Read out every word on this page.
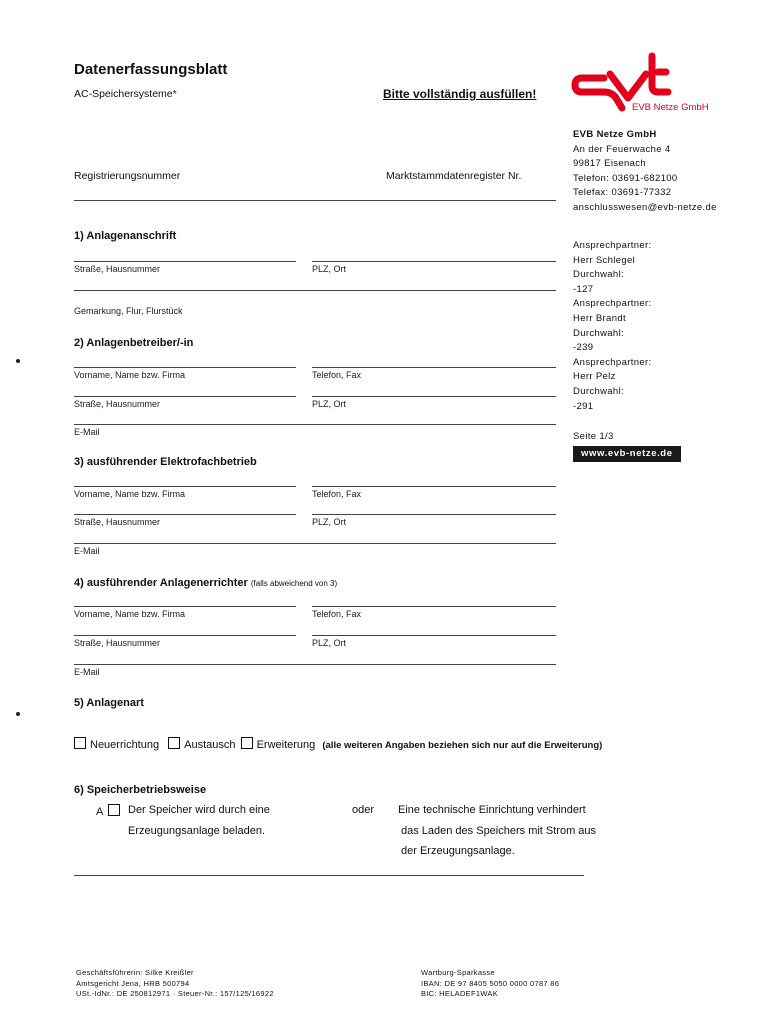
Datenerfassungsblatt
AC-Speichersysteme*	Bitte vollständig ausfüllen!
EVB Netze GmbH
Registrierungsnummer	Marktstammdatenregister Nr.
EVB Netze GmbH
An der Feuerwache 4
99817 Eisenach
Telefon: 03691-682100
Telefax: 03691-77332
anschlusswesen@evb-netze.de
Ansprechpartner:
Herr Schlegel
Durchwahl:
-127
Ansprechpartner:
Herr Brandt
Durchwahl:
-239
Ansprechpartner:
Herr Pelz
Durchwahl:
-291
Seite 1/3
www.evb-netze.de
1) Anlagenanschrift
Straße, Hausnummer	PLZ, Ort
Gemarkung, Flur, Flurstück
2) Anlagenbetreiber/-in
Vorname, Name bzw. Firma	Telefon, Fax
Straße, Hausnummer	PLZ, Ort
E-Mail
3) ausführender Elektrofachbetrieb
Vorname, Name bzw. Firma	Telefon, Fax
Straße, Hausnummer	PLZ, Ort
E-Mail
4) ausführender Anlagenerrichter (falls abweichend von 3)
Vorname, Name bzw. Firma	Telefon, Fax
Straße, Hausnummer	PLZ, Ort
E-Mail
5) Anlagenart
Neuerrichtung Austausch Erweiterung (alle weiteren Angaben beziehen sich nur auf die Erweiterung)
6) Speicherbetriebsweise
A	Der Speicher wird durch eine
Erzeugungsanlage beladen.
oder Eine technische Einrichtung verhindert
das Laden des Speichers mit Strom aus
der Erzeugungsanlage.
Geschäftsführerin: Silke Kreißler
Amtsgericht Jena, HRB 500794
USt.-IdNr.: DE 250812971 · Steuer-Nr.: 157/125/16922
Wartburg-Sparkasse
IBAN: DE 97 8405 5050 0000 0787 86
BIC: HELADEF1WAK
